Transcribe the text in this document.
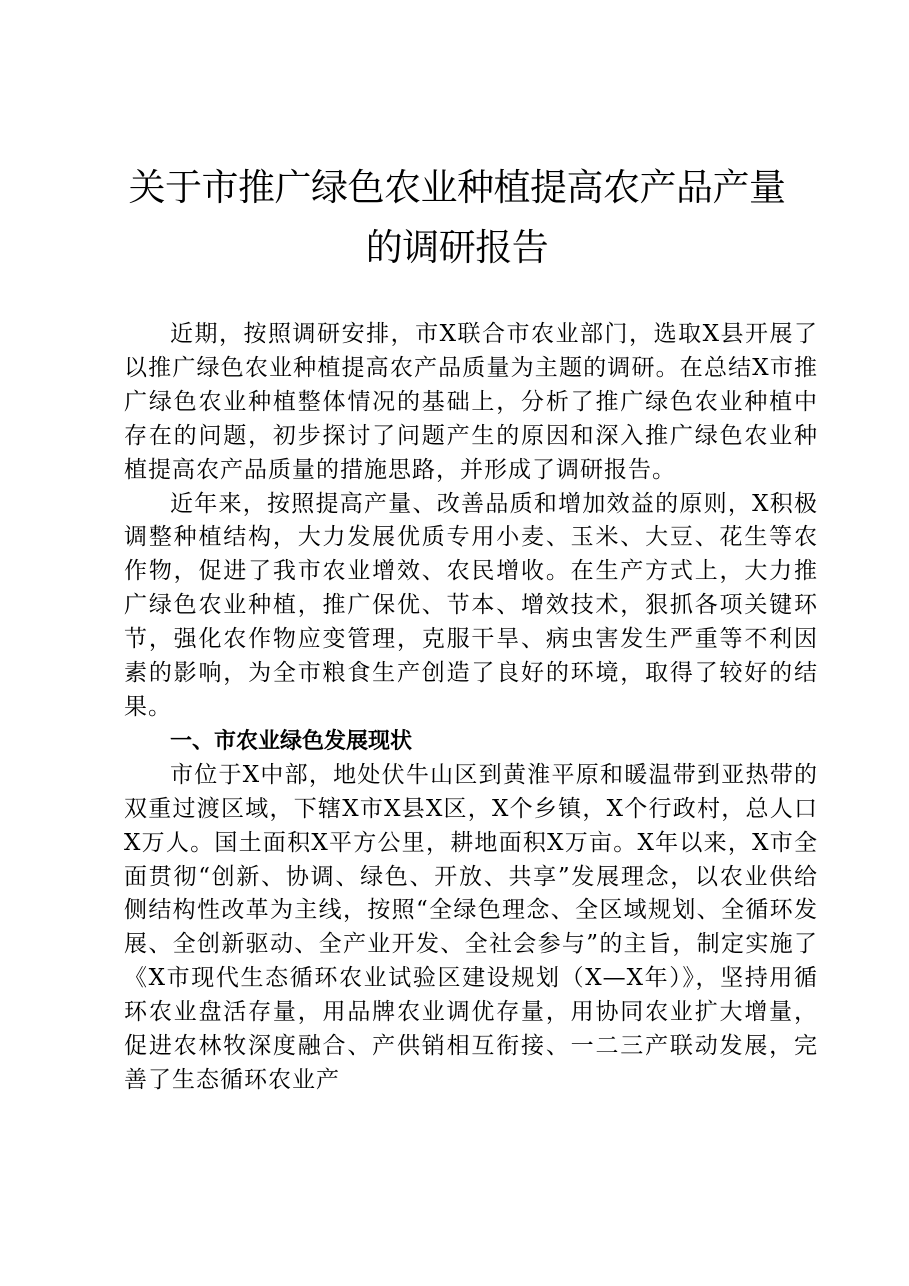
关于市推广绿色农业种植提高农产品产量的调研报告

近期，按照调研安排，市X联合市农业部门，选取X县开展了以推广绿色农业种植提高农产品质量为主题的调研。在总结X市推广绿色农业种植整体情况的基础上，分析了推广绿色农业种植中存在的问题，初步探讨了问题产生的原因和深入推广绿色农业种植提高农产品质量的措施思路，并形成了调研报告。

近年来，按照提高产量、改善品质和增加效益的原则，X积极调整种植结构，大力发展优质专用小麦、玉米、大豆、花生等农作物，促进了我市农业增效、农民增收。在生产方式上，大力推广绿色农业种植，推广保优、节本、增效技术，狠抓各项关键环节，强化农作物应变管理，克服干旱、病虫害发生严重等不利因素的影响，为全市粮食生产创造了良好的环境，取得了较好的结果。

一、市农业绿色发展现状

市位于X中部，地处伏牛山区到黄淮平原和暖温带到亚热带的双重过渡区域，下辖X市X县X区，X个乡镇，X个行政村，总人口X万人。国土面积X平方公里，耕地面积X万亩。X年以来，X市全面贯彻“创新、协调、绿色、开放、共享”发展理念，以农业供给侧结构性改革为主线，按照“全绿色理念、全区域规划、全循环发展、全创新驱动、全产业开发、全社会参与”的主旨，制定实施了《X市现代生态循环农业试验区建设规划（X—X年）》，坚持用循环农业盘活存量，用品牌农业调优存量，用协同农业扩大增量，促进农林牧深度融合、产供销相互衔接、一二三产联动发展，完善了生态循环农业产
